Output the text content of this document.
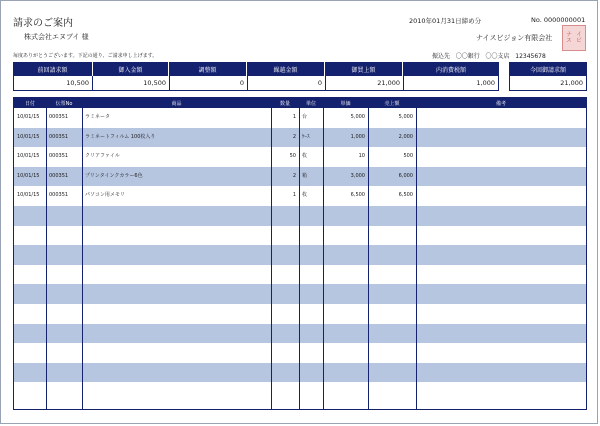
請求のご案内
株式会社エヌブイ 様
2010年01月31日締め分	No. 0000000001
毎度ありがとうございます。下記の通り、ご請求申し上げます。
ナイスビジョン有限会社
振込先 〇〇銀行 〇〇支店 12345678
ナ イ
ス ビ
前回請求額	御入金額	調整額	繰越金額	御買上額	内消費税額	今回御請求額
10,500	10,500	0	0	21,000	1,000	21,000
日付	伝票No	商品	数量	単位	単価	売上額	備考
10/01/15	000351	ラミネータ	1 台	5,000	5,000
10/01/15	000351	ラミネートフィルム 100枚入り	2 ｹｰｽ	1,000	2,000
10/01/15	000351	クリアファイル	50 枚	10	500
10/01/15	000351	プリンタインクカラー6色	2 箱	3,000	6,000
10/01/15	000351	パソコン用メモリ	1 枚	6,500	6,500
